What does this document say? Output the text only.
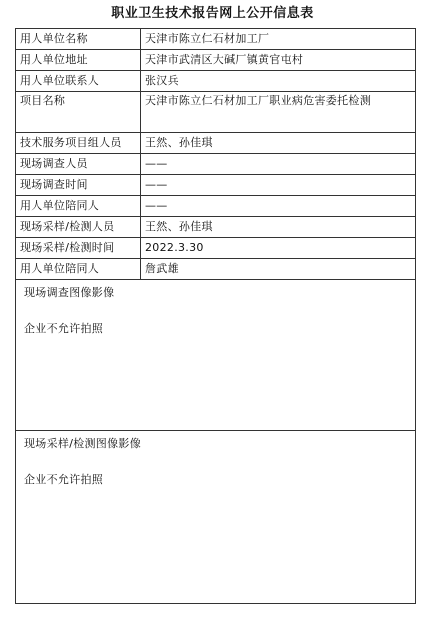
职业卫生技术报告网上公开信息表
用人单位名称	天津市陈立仁石材加工厂
用人单位地址	天津市武清区大碱厂镇黄官屯村
用人单位联系人	张汉兵
项目名称	天津市陈立仁石材加工厂职业病危害委托检测
技术服务项目组人员	王然、孙佳琪
现场调查人员	——
现场调查时间	——
用人单位陪同人	——
现场采样/检测人员	王然、孙佳琪
现场采样/检测时间	2022.3.30
用人单位陪同人	詹武雄

现场调查图像影像
企业不允许拍照	

现场采样/检测图像影像
企业不允许拍照	
